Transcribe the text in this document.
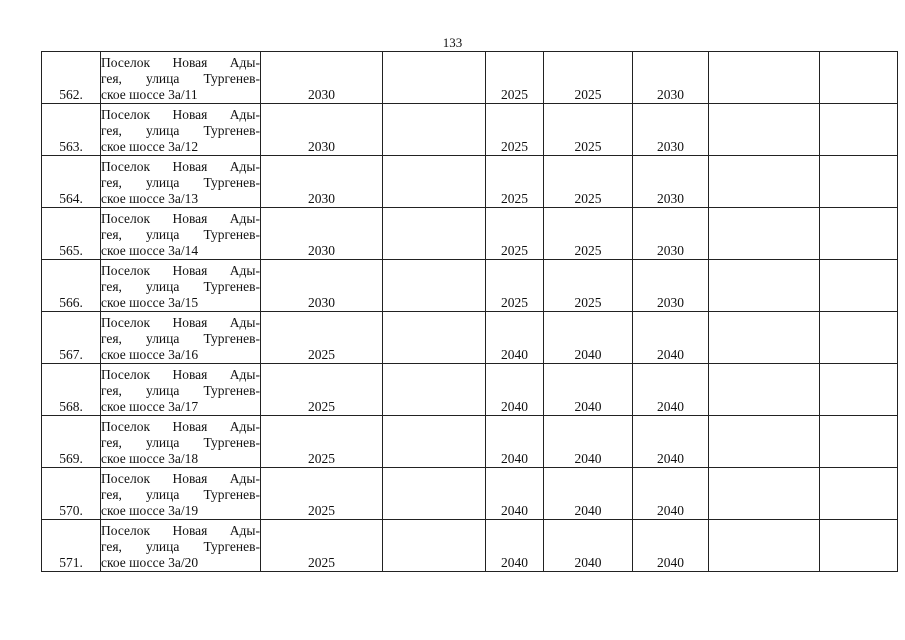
133
562.	Поселок Новая Ады-
гея, улица Тургенев-
ское шоссе 3а/11	2030		2025	2025	2030		
563.	Поселок Новая Ады-
гея, улица Тургенев-
ское шоссе 3а/12	2030		2025	2025	2030		
564.	Поселок Новая Ады-
гея, улица Тургенев-
ское шоссе 3а/13	2030		2025	2025	2030		
565.	Поселок Новая Ады-
гея, улица Тургенев-
ское шоссе 3а/14	2030		2025	2025	2030		
566.	Поселок Новая Ады-
гея, улица Тургенев-
ское шоссе 3а/15	2030		2025	2025	2030		
567.	Поселок Новая Ады-
гея, улица Тургенев-
ское шоссе 3а/16	2025		2040	2040	2040		
568.	Поселок Новая Ады-
гея, улица Тургенев-
ское шоссе 3а/17	2025		2040	2040	2040		
569.	Поселок Новая Ады-
гея, улица Тургенев-
ское шоссе 3а/18	2025		2040	2040	2040		
570.	Поселок Новая Ады-
гея, улица Тургенев-
ское шоссе 3а/19	2025		2040	2040	2040		
571.	Поселок Новая Ады-
гея, улица Тургенев-
ское шоссе 3а/20	2025		2040	2040	2040		
